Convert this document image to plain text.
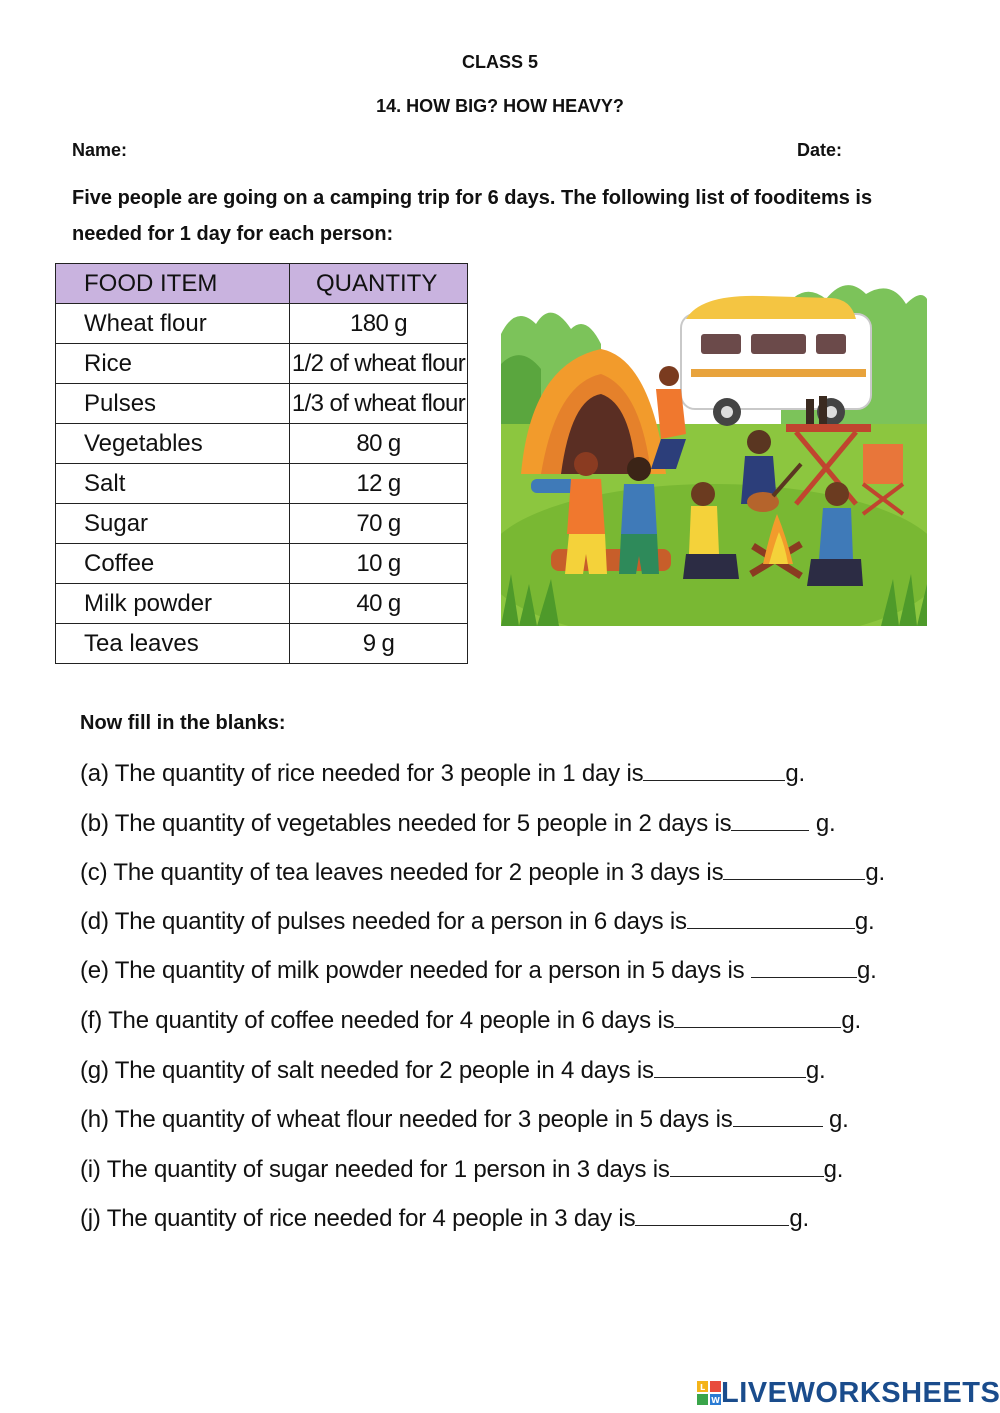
CLASS 5
14. HOW BIG? HOW HEAVY?
Name:	Date:
Five people are going on a camping trip for 6 days. The following list of fooditems is needed for 1 day for each person:
FOOD ITEM	QUANTITY
Wheat flour	180 g
Rice	1/2 of wheat flour
Pulses	1/3 of wheat flour
Vegetables	80 g
Salt	12 g
Sugar	70 g
Coffee	10 g
Milk powder	40 g
Tea leaves	9 g
Now fill in the blanks:
(a) The quantity of rice needed for 3 people in 1 day is	g.
(b) The quantity of vegetables needed for 5 people in 2 days is	g.
(c) The quantity of tea leaves needed for 2 people in 3 days is	g.
(d) The quantity of pulses needed for a person in 6 days is	g.
(e) The quantity of milk powder needed for a person in 5 days is	g.
(f) The quantity of coffee needed for 4 people in 6 days is	g.
(g) The quantity of salt needed for 2 people in 4 days is	g.
(h) The quantity of wheat flour needed for 3 people in 5 days is	g.
(i) The quantity of sugar needed for 1 person in 3 days is	g.
(j) The quantity of rice needed for 4 people in 3 day is	g.
L
W LIVEWORKSHEETS
